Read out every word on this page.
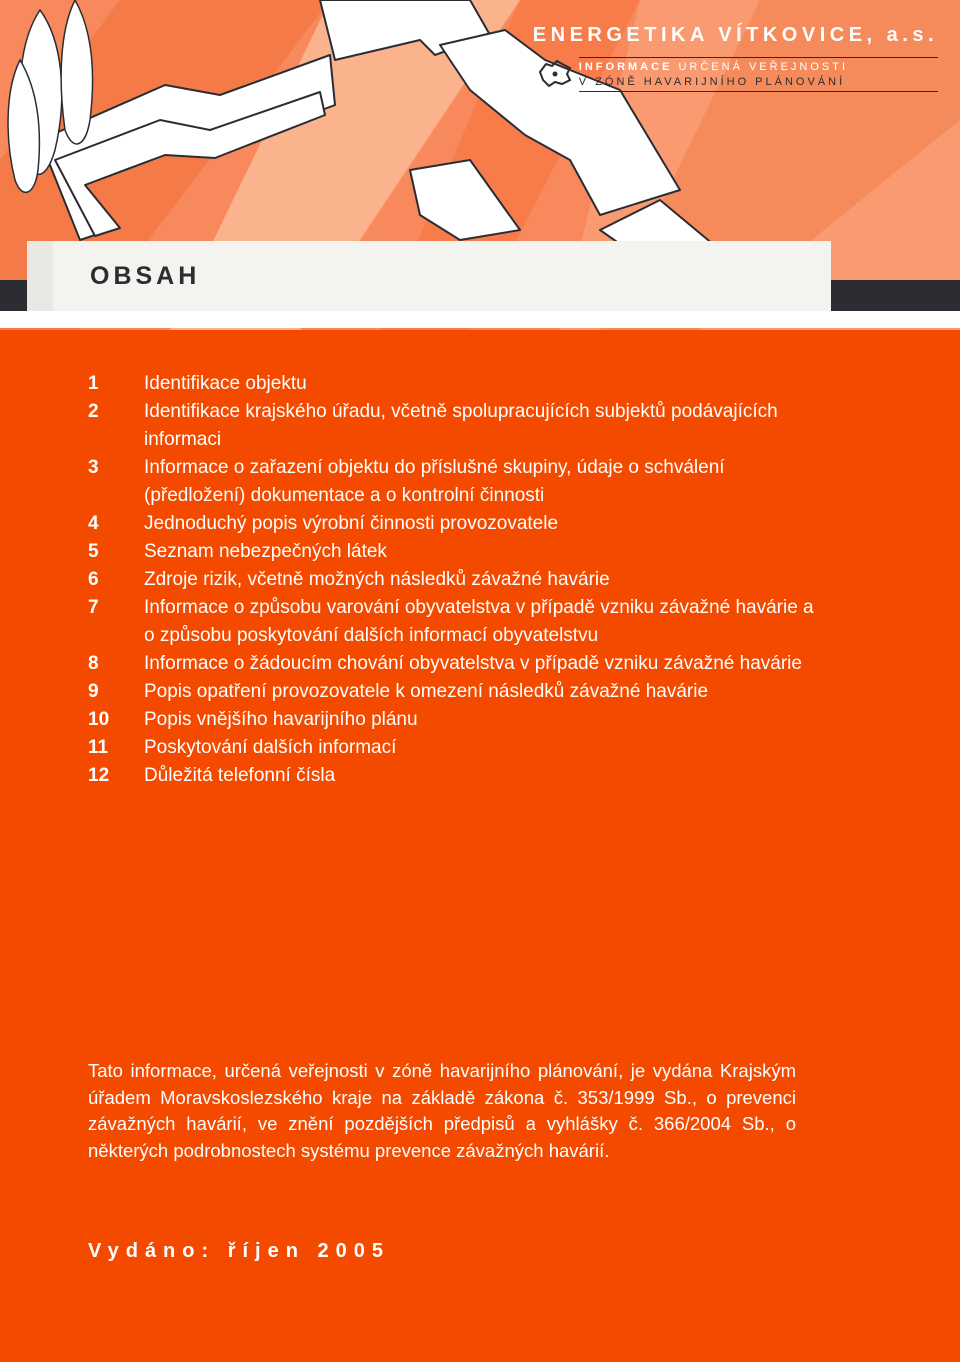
ENERGETIKA VÍTKOVICE, a.s.
INFORMACE URČENÁ VEŘEJNOSTI
V ZÓNĚ HAVARIJNÍHO PLÁNOVÁNÍ
OBSAH
1	Identifikace objektu
2	Identifikace krajského úřadu, včetně spolupracujících subjektů podávajících informaci
3	Informace o zařazení objektu do příslušné skupiny, údaje o schválení (předložení) dokumentace a o kontrolní činnosti
4	Jednoduchý popis výrobní činnosti provozovatele
5	Seznam nebezpečných látek
6	Zdroje rizik, včetně možných následků závažné havárie
7	Informace o způsobu varování obyvatelstva v případě vzniku závažné havárie a o způsobu poskytování dalších informací obyvatelstvu
8	Informace o žádoucím chování obyvatelstva v případě vzniku závažné havárie
9	Popis opatření provozovatele k omezení následků závažné havárie
10	Popis vnějšího havarijního plánu
11	Poskytování dalších informací
12	Důležitá telefonní čísla
Tato informace, určená veřejnosti v zóně havarijního plánování, je vydána Krajským úřadem Moravskoslezského kraje na základě zákona č. 353/1999 Sb., o prevenci závažných havárií, ve znění pozdějších předpisů a vyhlášky č. 366/2004 Sb., o některých podrobnostech systému prevence závažných havárií.
Vydáno: říjen 2005
